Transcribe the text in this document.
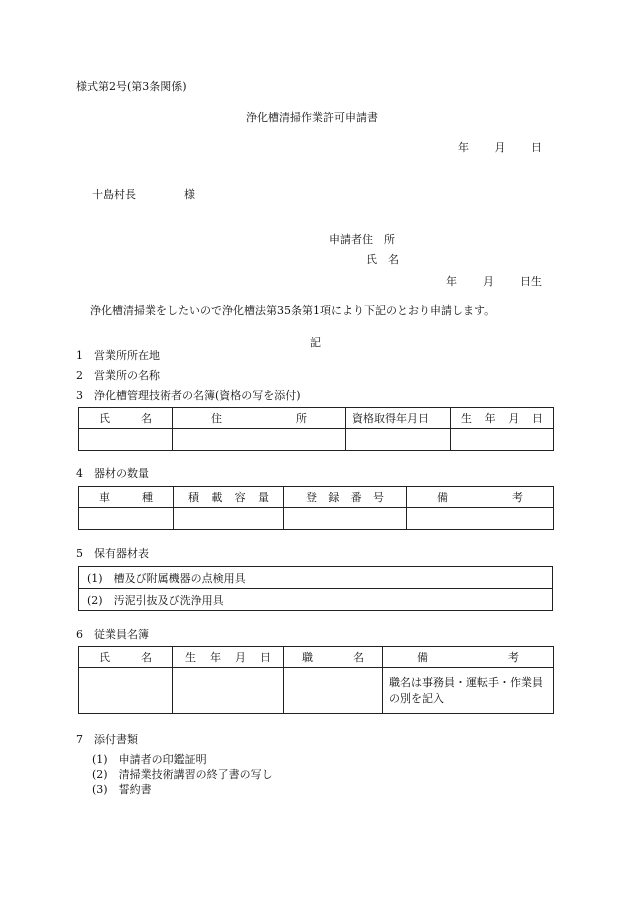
様式第2号(第3条関係)
浄化槽清掃作業許可申請書
年 月 日
十島村長	様
申請者住　所
氏　名
年 月 日生
浄化槽清掃業をしたいので浄化槽法第35条第1項により下記のとおり申請します。
記
1　営業所所在地
2　営業所の名称
3　浄化槽管理技術者の名簿(資格の写を添付)
氏 名	住 所	資格取得年月日	生 年 月 日

4　器材の数量
車 種	積 載 容 量	登 録 番 号	備 考

5　保有器材表
(1)　槽及び附属機器の点検用具
(2)　汚泥引抜及び洗浄用具
6　従業員名簿
氏 名	生 年 月 日	職 名	備 考

			職名は事務員・運転手・作業員の別を記入
7　添付書類
(1)　申請者の印鑑証明
(2)　清掃業技術講習の終了書の写し
(3)　誓約書
